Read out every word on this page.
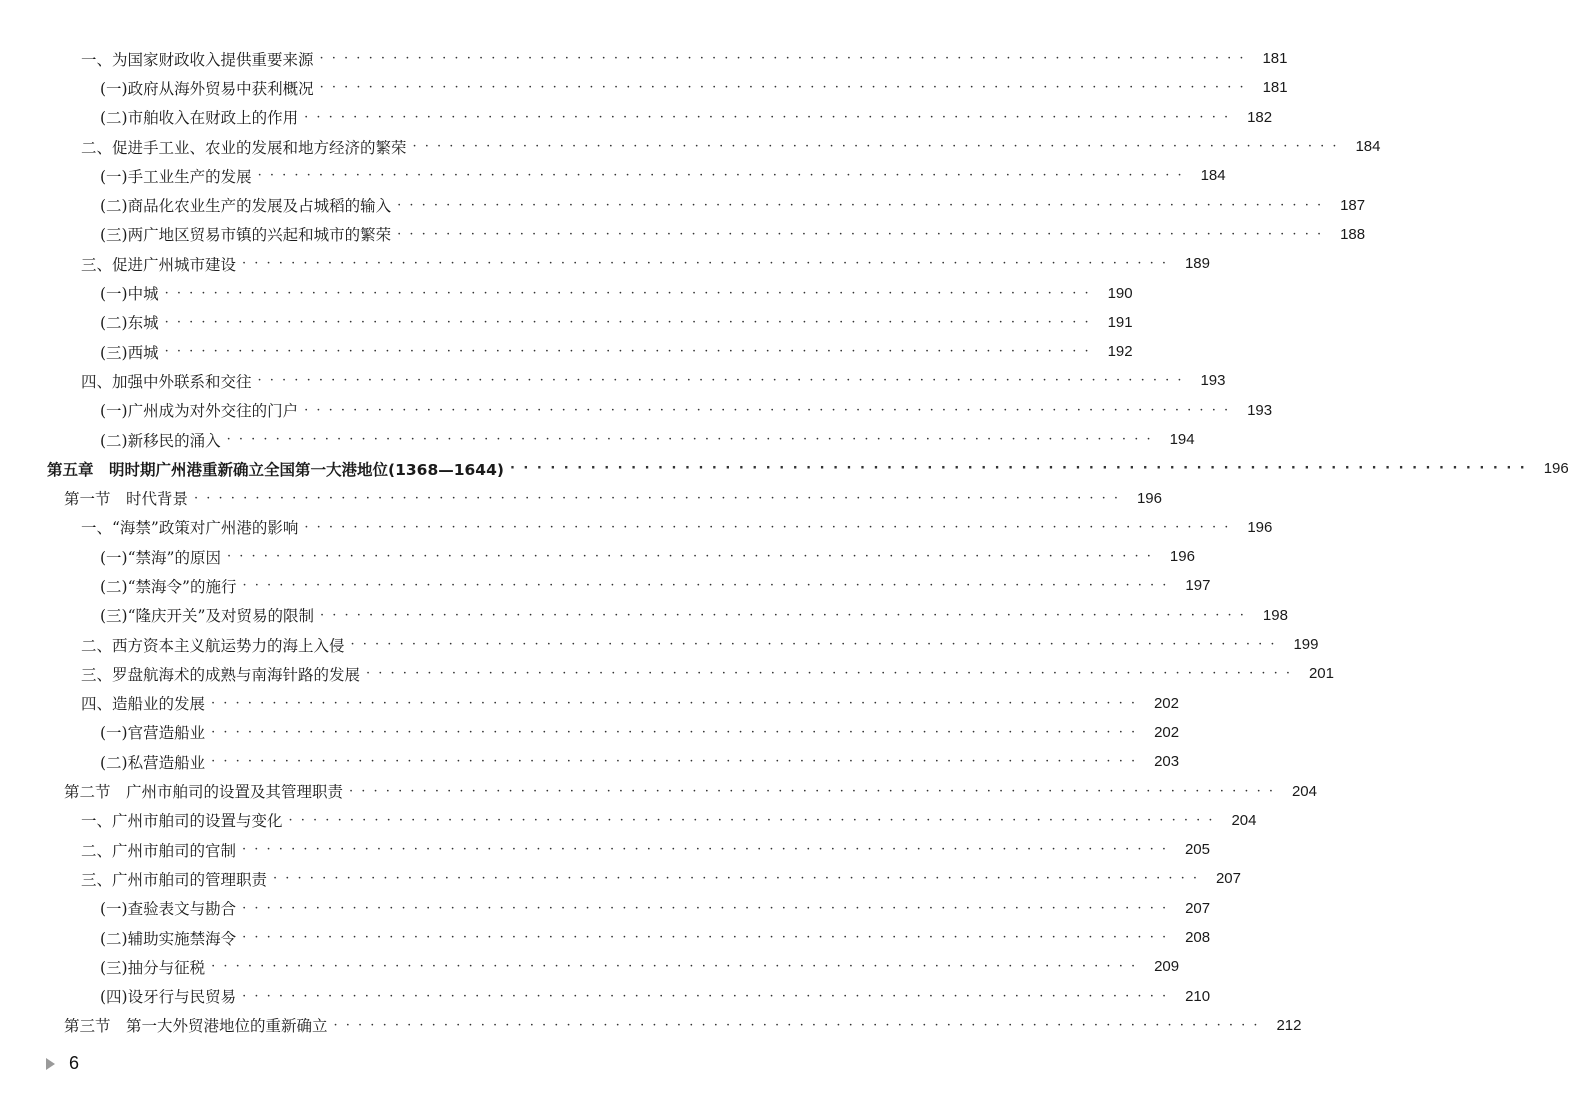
一、为国家财政收入提供重要来源 · · · · · · · · · · · · · · · · · · · · · · · · · · · · · · · · · · · · · · · · · · · · · · · · · · · · · · · · · · · · · · · · · · · · · · · · · · · ·	181
(一)政府从海外贸易中获利概况 · · · · · · · · · · · · · · · · · · · · · · · · · · · · · · · · · · · · · · · · · · · · · · · · · · · · · · · · · · · · · · · · · · · · · · · · · · · ·	181
(二)市舶收入在财政上的作用 · · · · · · · · · · · · · · · · · · · · · · · · · · · · · · · · · · · · · · · · · · · · · · · · · · · · · · · · · · · · · · · · · · · · · · · · · · · ·	182
二、促进手工业、农业的发展和地方经济的繁荣 · · · · · · · · · · · · · · · · · · · · · · · · · · · · · · · · · · · · · · · · · · · · · · · · · · · · · · · · · · · · · · · · · · · · · · · · · · · ·	184
(一)手工业生产的发展 · · · · · · · · · · · · · · · · · · · · · · · · · · · · · · · · · · · · · · · · · · · · · · · · · · · · · · · · · · · · · · · · · · · · · · · · · · · ·	184
(二)商品化农业生产的发展及占城稻的输入 · · · · · · · · · · · · · · · · · · · · · · · · · · · · · · · · · · · · · · · · · · · · · · · · · · · · · · · · · · · · · · · · · · · · · · · · · · · ·	187
(三)两广地区贸易市镇的兴起和城市的繁荣 · · · · · · · · · · · · · · · · · · · · · · · · · · · · · · · · · · · · · · · · · · · · · · · · · · · · · · · · · · · · · · · · · · · · · · · · · · · ·	188
三、促进广州城市建设 · · · · · · · · · · · · · · · · · · · · · · · · · · · · · · · · · · · · · · · · · · · · · · · · · · · · · · · · · · · · · · · · · · · · · · · · · · · ·	189
(一)中城 · · · · · · · · · · · · · · · · · · · · · · · · · · · · · · · · · · · · · · · · · · · · · · · · · · · · · · · · · · · · · · · · · · · · · · · · · · · ·	190
(二)东城 · · · · · · · · · · · · · · · · · · · · · · · · · · · · · · · · · · · · · · · · · · · · · · · · · · · · · · · · · · · · · · · · · · · · · · · · · · · ·	191
(三)西城 · · · · · · · · · · · · · · · · · · · · · · · · · · · · · · · · · · · · · · · · · · · · · · · · · · · · · · · · · · · · · · · · · · · · · · · · · · · ·	192
四、加强中外联系和交往 · · · · · · · · · · · · · · · · · · · · · · · · · · · · · · · · · · · · · · · · · · · · · · · · · · · · · · · · · · · · · · · · · · · · · · · · · · · ·	193
(一)广州成为对外交往的门户 · · · · · · · · · · · · · · · · · · · · · · · · · · · · · · · · · · · · · · · · · · · · · · · · · · · · · · · · · · · · · · · · · · · · · · · · · · · ·	193
(二)新移民的涌入 · · · · · · · · · · · · · · · · · · · · · · · · · · · · · · · · · · · · · · · · · · · · · · · · · · · · · · · · · · · · · · · · · · · · · · · · · · · ·	194
第五章　明时期广州港重新确立全国第一大港地位(1368—1644) · · · · · · · · · · · · · · · · · · · · · · · · · · · · · · · · · · · · · · · · · · · · · · · · · · · · · · · · · · · · · · · · · · · · · · · · · · · ·	196
第一节　时代背景 · · · · · · · · · · · · · · · · · · · · · · · · · · · · · · · · · · · · · · · · · · · · · · · · · · · · · · · · · · · · · · · · · · · · · · · · · · · ·	196
一、“海禁”政策对广州港的影响 · · · · · · · · · · · · · · · · · · · · · · · · · · · · · · · · · · · · · · · · · · · · · · · · · · · · · · · · · · · · · · · · · · · · · · · · · · · ·	196
(一)“禁海”的原因 · · · · · · · · · · · · · · · · · · · · · · · · · · · · · · · · · · · · · · · · · · · · · · · · · · · · · · · · · · · · · · · · · · · · · · · · · · · ·	196
(二)“禁海令”的施行 · · · · · · · · · · · · · · · · · · · · · · · · · · · · · · · · · · · · · · · · · · · · · · · · · · · · · · · · · · · · · · · · · · · · · · · · · · · ·	197
(三)“隆庆开关”及对贸易的限制 · · · · · · · · · · · · · · · · · · · · · · · · · · · · · · · · · · · · · · · · · · · · · · · · · · · · · · · · · · · · · · · · · · · · · · · · · · · ·	198
二、西方资本主义航运势力的海上入侵 · · · · · · · · · · · · · · · · · · · · · · · · · · · · · · · · · · · · · · · · · · · · · · · · · · · · · · · · · · · · · · · · · · · · · · · · · · · ·	199
三、罗盘航海术的成熟与南海针路的发展 · · · · · · · · · · · · · · · · · · · · · · · · · · · · · · · · · · · · · · · · · · · · · · · · · · · · · · · · · · · · · · · · · · · · · · · · · · · ·	201
四、造船业的发展 · · · · · · · · · · · · · · · · · · · · · · · · · · · · · · · · · · · · · · · · · · · · · · · · · · · · · · · · · · · · · · · · · · · · · · · · · · · ·	202
(一)官营造船业 · · · · · · · · · · · · · · · · · · · · · · · · · · · · · · · · · · · · · · · · · · · · · · · · · · · · · · · · · · · · · · · · · · · · · · · · · · · ·	202
(二)私营造船业 · · · · · · · · · · · · · · · · · · · · · · · · · · · · · · · · · · · · · · · · · · · · · · · · · · · · · · · · · · · · · · · · · · · · · · · · · · · ·	203
第二节　广州市舶司的设置及其管理职责 · · · · · · · · · · · · · · · · · · · · · · · · · · · · · · · · · · · · · · · · · · · · · · · · · · · · · · · · · · · · · · · · · · · · · · · · · · · ·	204
一、广州市舶司的设置与变化 · · · · · · · · · · · · · · · · · · · · · · · · · · · · · · · · · · · · · · · · · · · · · · · · · · · · · · · · · · · · · · · · · · · · · · · · · · · ·	204
二、广州市舶司的官制 · · · · · · · · · · · · · · · · · · · · · · · · · · · · · · · · · · · · · · · · · · · · · · · · · · · · · · · · · · · · · · · · · · · · · · · · · · · ·	205
三、广州市舶司的管理职责 · · · · · · · · · · · · · · · · · · · · · · · · · · · · · · · · · · · · · · · · · · · · · · · · · · · · · · · · · · · · · · · · · · · · · · · · · · · ·	207
(一)查验表文与勘合 · · · · · · · · · · · · · · · · · · · · · · · · · · · · · · · · · · · · · · · · · · · · · · · · · · · · · · · · · · · · · · · · · · · · · · · · · · · ·	207
(二)辅助实施禁海令 · · · · · · · · · · · · · · · · · · · · · · · · · · · · · · · · · · · · · · · · · · · · · · · · · · · · · · · · · · · · · · · · · · · · · · · · · · · ·	208
(三)抽分与征税 · · · · · · · · · · · · · · · · · · · · · · · · · · · · · · · · · · · · · · · · · · · · · · · · · · · · · · · · · · · · · · · · · · · · · · · · · · · ·	209
(四)设牙行与民贸易 · · · · · · · · · · · · · · · · · · · · · · · · · · · · · · · · · · · · · · · · · · · · · · · · · · · · · · · · · · · · · · · · · · · · · · · · · · · ·	210
第三节　第一大外贸港地位的重新确立 · · · · · · · · · · · · · · · · · · · · · · · · · · · · · · · · · · · · · · · · · · · · · · · · · · · · · · · · · · · · · · · · · · · · · · · · · · · ·	212
6
